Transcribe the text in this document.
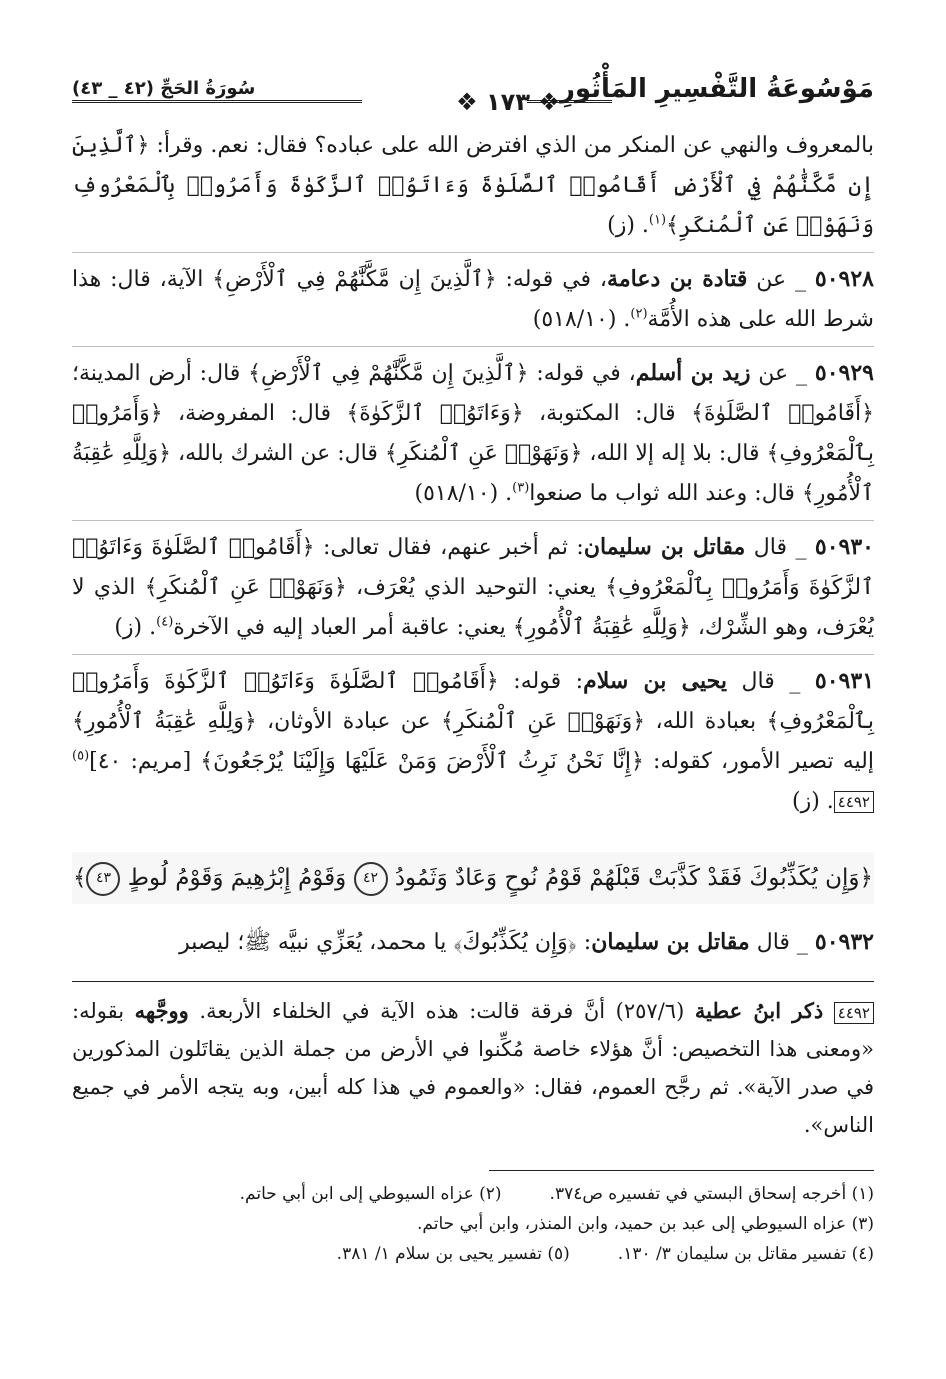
مَوْسُوعَةُ التَّفْسِيرِ المَأْثُورِ
❖ ١٧٣ ❖
سُورَةُ الحَجِّ (٤٢ _ ٤٣)

بالمعروف والنهي عن المنكر من الذي افترض الله على عباده؟ فقال: نعم. وقرأ: ﴿ٱلَّذِينَ إِن مَّكَّنَّٰهُمْ فِي ٱلْأَرْضِ أَقَامُوا۟ ٱلصَّلَوٰةَ وَءَاتَوُا۟ ٱلزَّكَوٰةَ وَأَمَرُوا۟ بِٱلْمَعْرُوفِ وَنَهَوْا۟ عَنِ ٱلْمُنكَرِ﴾$^{(١)}$. (ز)

٥٠٩٢٨ _ عن قتادة بن دعامة، في قوله: ﴿ٱلَّذِينَ إِن مَّكَّنَّٰهُمْ فِي ٱلْأَرْضِ﴾ الآية، قال: هذا شرط الله على هذه الأُمَّة$^{(٢)}$. (٥١٨/١٠)

٥٠٩٢٩ _ عن زيد بن أسلم، في قوله: ﴿ٱلَّذِينَ إِن مَّكَّنَّٰهُمْ فِي ٱلْأَرْضِ﴾ قال: أرض المدينة؛ ﴿أَقَامُوا۟ ٱلصَّلَوٰةَ﴾ قال: المكتوبة، ﴿وَءَاتَوُا۟ ٱلزَّكَوٰةَ﴾ قال: المفروضة، ﴿وَأَمَرُوا۟ بِٱلْمَعْرُوفِ﴾ قال: بلا إله إلا الله، ﴿وَنَهَوْا۟ عَنِ ٱلْمُنكَرِ﴾ قال: عن الشرك بالله، ﴿وَلِلَّهِ عَٰقِبَةُ ٱلْأُمُورِ﴾ قال: وعند الله ثواب ما صنعوا$^{(٣)}$. (٥١٨/١٠)

٥٠٩٣٠ _ قال مقاتل بن سليمان: ثم أخبر عنهم، فقال تعالى: ﴿أَقَامُوا۟ ٱلصَّلَوٰةَ وَءَاتَوُا۟ ٱلزَّكَوٰةَ وَأَمَرُوا۟ بِٱلْمَعْرُوفِ﴾ يعني: التوحيد الذي يُعْرَف، ﴿وَنَهَوْا۟ عَنِ ٱلْمُنكَرِ﴾ الذي لا يُعْرَف، وهو الشِّرْك، ﴿وَلِلَّهِ عَٰقِبَةُ ٱلْأُمُورِ﴾ يعني: عاقبة أمر العباد إليه في الآخرة$^{(٤)}$. (ز)

٥٠٩٣١ _ قال يحيى بن سلام: قوله: ﴿أَقَامُوا۟ ٱلصَّلَوٰةَ وَءَاتَوُا۟ ٱلزَّكَوٰةَ وَأَمَرُوا۟ بِٱلْمَعْرُوفِ﴾ بعبادة الله، ﴿وَنَهَوْا۟ عَنِ ٱلْمُنكَرِ﴾ عن عبادة الأوثان، ﴿وَلِلَّهِ عَٰقِبَةُ ٱلْأُمُورِ﴾ إليه تصير الأمور، كقوله: ﴿إِنَّا نَحْنُ نَرِثُ ٱلْأَرْضَ وَمَنْ عَلَيْهَا وَإِلَيْنَا يُرْجَعُونَ﴾ [مريم: ٤٠]$^{(٥)}$٤٤٩٢. (ز)

﴿وَإِن يُكَذِّبُوكَ فَقَدْ كَذَّبَتْ قَبْلَهُمْ قَوْمُ نُوحٍ وَعَادٌ وَثَمُودُ ٤٢ وَقَوْمُ إِبْرَٰهِيمَ وَقَوْمُ لُوطٍ ٤٣﴾

٥٠٩٣٢ _ قال مقاتل بن سليمان: ﴿وَإِن يُكَذِّبُوكَ﴾ يا محمد، يُعَزِّي نبيَّه ﷺ؛ ليصبر

٤٤٩٢ ذكر ابنُ عطية (٢٥٧/٦) أنَّ فرقة قالت: هذه الآية في الخلفاء الأربعة. ووجَّهه بقوله: «ومعنى هذا التخصيص: أنَّ هؤلاء خاصة مُكِّنوا في الأرض من جملة الذين يقاتَلون المذكورين في صدر الآية». ثم رجَّح العموم، فقال: «والعموم في هذا كله أبين، وبه يتجه الأمر في جميع الناس».

(١) أخرجه إسحاق البستي في تفسيره ص٣٧٤.
(٢) عزاه السيوطي إلى ابن أبي حاتم.
(٣) عزاه السيوطي إلى عبد بن حميد، وابن المنذر، وابن أبي حاتم.
(٤) تفسير مقاتل بن سليمان ٣/ ١٣٠.
(٥) تفسير يحيى بن سلام ١/ ٣٨١.
